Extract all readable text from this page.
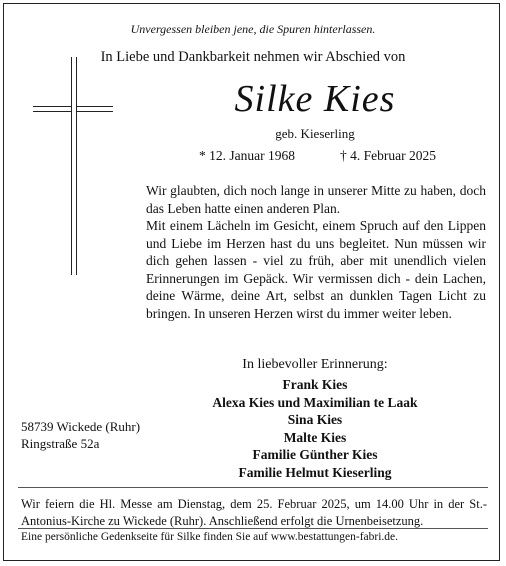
Unvergessen bleiben jene, die Spuren hinterlassen.
In Liebe und Dankbarkeit nehmen wir Abschied von
Silke Kies
geb. Kieserling
* 12. Januar 1968	† 4. Februar 2025

Wir glaubten, dich noch lange in unserer Mitte zu haben, doch das Leben hatte einen anderen Plan.

Mit einem Lächeln im Gesicht, einem Spruch auf den Lippen und Liebe im Herzen hast du uns begleitet. Nun müssen wir dich gehen lassen - viel zu früh, aber mit unendlich vielen Erinnerungen im Gepäck. Wir vermissen dich - dein Lachen, deine Wärme, deine Art, selbst an dunklen Tagen Licht zu bringen. In unseren Herzen wirst du immer weiter leben.

In liebevoller Erinnerung:
Frank Kies
Alexa Kies und Maximilian te Laak
Sina Kies
Malte Kies
Familie Günther Kies
Familie Helmut Kieserling
58739 Wickede (Ruhr)
Ringstraße 52a
Wir feiern die Hl. Messe am Dienstag, dem 25. Februar 2025, um 14.00 Uhr in der St.-Antonius-Kirche zu Wickede (Ruhr). Anschließend erfolgt die Urnenbeisetzung.
Eine persönliche Gedenkseite für Silke finden Sie auf www.bestattungen-fabri.de.
